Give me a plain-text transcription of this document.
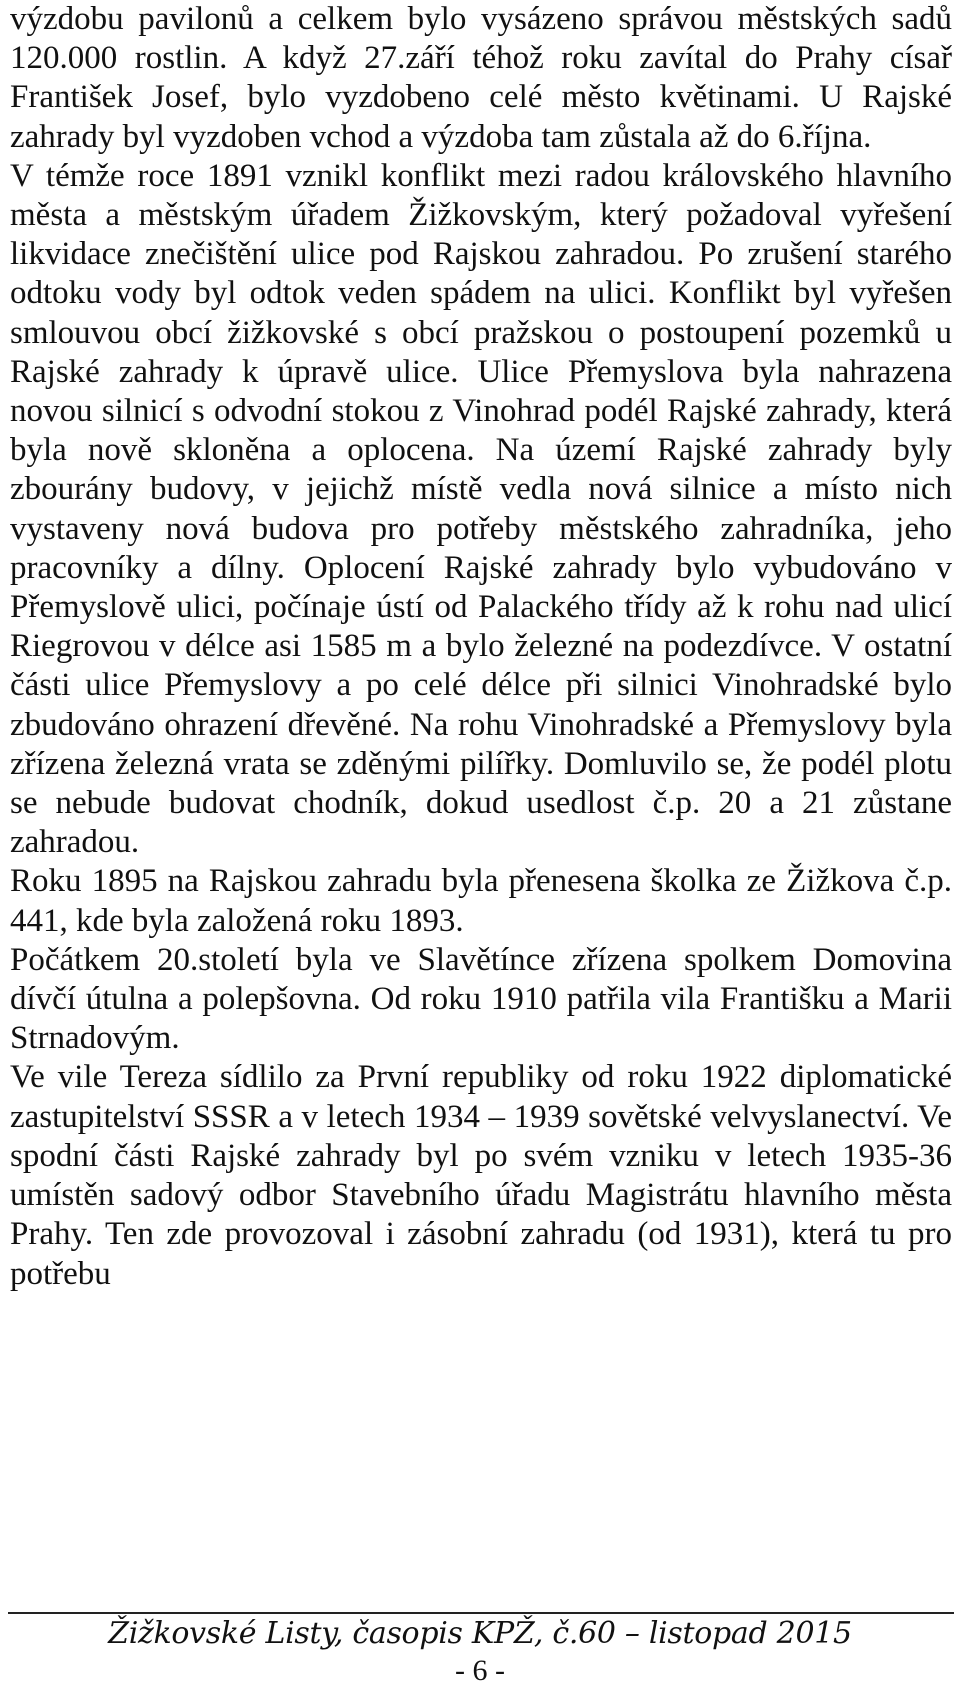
výzdobu pavilonů a celkem bylo vysázeno správou městských sadů 120.000 rostlin. A když 27.září téhož roku zavítal do Prahy císař František Josef, bylo vyzdobeno celé město květinami. U Rajské zahrady byl vyzdoben vchod a výzdoba tam zůstala až do 6.října.

V témže roce 1891 vznikl konflikt mezi radou královského hlavního města a městským úřadem Žižkovským, který požadoval vyřešení likvidace znečištění ulice pod Rajskou zahradou. Po zrušení starého odtoku vody byl odtok veden spádem na ulici. Konflikt byl vyřešen smlouvou obcí žižkovské s obcí pražskou o postoupení pozemků u Rajské zahrady k úpravě ulice. Ulice Přemyslova byla nahrazena novou silnicí s odvodní stokou z Vinohrad podél Rajské zahrady, která byla nově skloněna a oplocena. Na území Rajské zahrady byly zbourány budovy, v jejichž místě vedla nová silnice a místo nich vystaveny nová budova pro potřeby městského zahradníka, jeho pracovníky a dílny. Oplocení Rajské zahrady bylo vybudováno v Přemyslově ulici, počínaje ústí od Palackého třídy až k rohu nad ulicí Riegrovou v délce asi 1585 m a bylo železné na podezdívce. V ostatní části ulice Přemyslovy a po celé délce při silnici Vinohradské bylo zbudováno ohrazení dřevěné. Na rohu Vinohradské a Přemyslovy byla zřízena železná vrata se zděnými pilířky. Domluvilo se, že podél plotu se nebude budovat chodník, dokud usedlost č.p. 20 a 21 zůstane zahradou.

Roku 1895 na Rajskou zahradu byla přenesena školka ze Žižkova č.p. 441, kde byla založená roku 1893.

Počátkem 20.století byla ve Slavětínce zřízena spolkem Domovina dívčí útulna a polepšovna. Od roku 1910 patřila vila Františku a Marii Strnadovým.

Ve vile Tereza sídlilo za První republiky od roku 1922 diplomatické zastupitelství SSSR a v letech 1934 – 1939 sovětské velvyslanectví. Ve spodní části Rajské zahrady byl po svém vzniku v letech 1935-36 umístěn sadový odbor Stavebního úřadu Magistrátu hlavního města Prahy. Ten zde provozoval i zásobní zahradu (od 1931), která tu pro potřebu

Žižkovské Listy, časopis KPŽ, č.60 – listopad 2015
- 6 -
